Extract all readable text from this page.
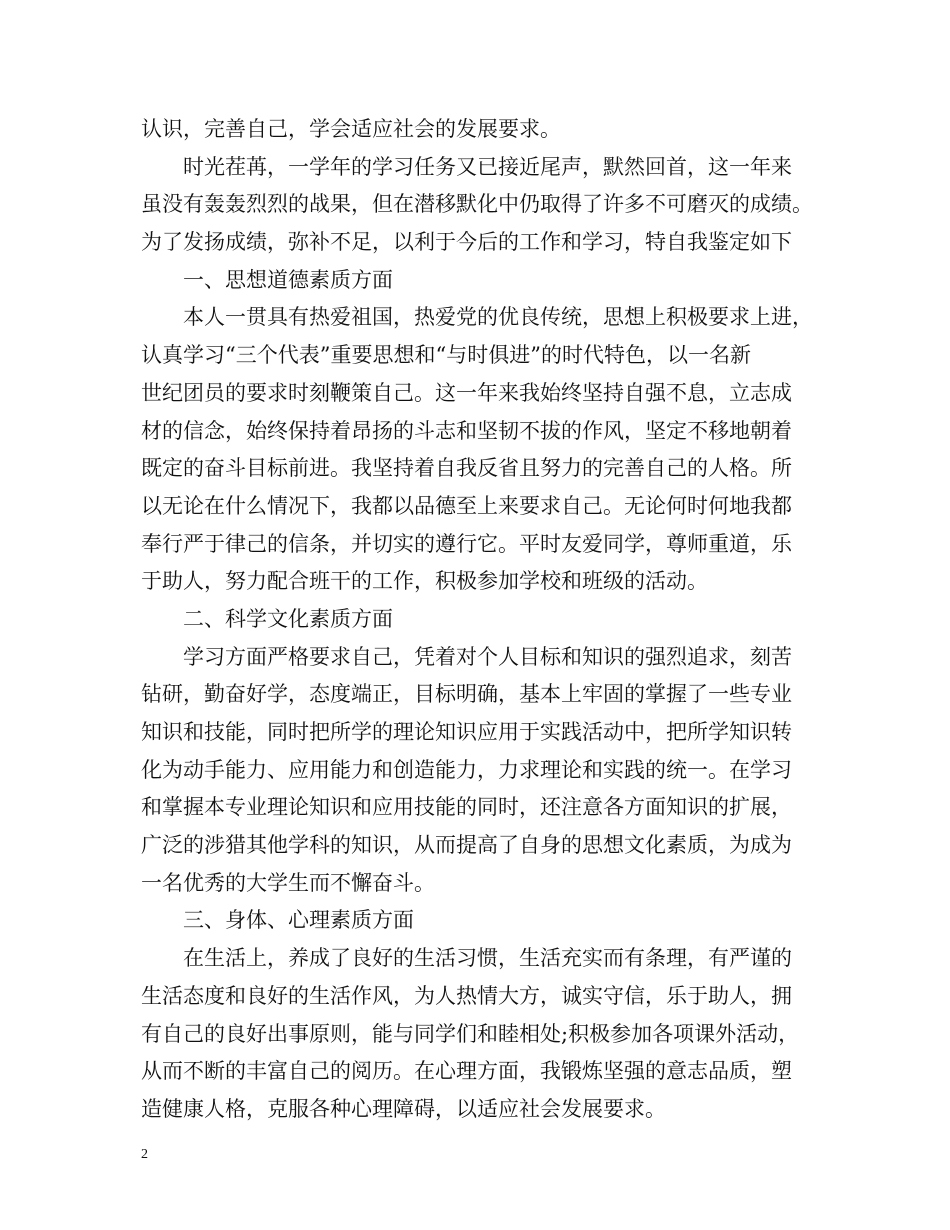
认识，完善自己，学会适应社会的发展要求。
时光茬苒，一学年的学习任务又已接近尾声，默然回首，这一年来
虽没有轰轰烈烈的战果，但在潜移默化中仍取得了许多不可磨灭的成绩。
为了发扬成绩，弥补不足，以利于今后的工作和学习，特自我鉴定如下
一、思想道德素质方面
本人一贯具有热爱祖国，热爱党的优良传统，思想上积极要求上进，
认真学习“三个代表”重要思想和“与时俱进”的时代特色，以一名新
世纪团员的要求时刻鞭策自己。这一年来我始终坚持自强不息，立志成
材的信念，始终保持着昂扬的斗志和坚韧不拔的作风，坚定不移地朝着
既定的奋斗目标前进。我坚持着自我反省且努力的完善自己的人格。所
以无论在什么情况下，我都以品德至上来要求自己。无论何时何地我都
奉行严于律己的信条，并切实的遵行它。平时友爱同学，尊师重道，乐
于助人，努力配合班干的工作，积极参加学校和班级的活动。
二、科学文化素质方面
学习方面严格要求自己，凭着对个人目标和知识的强烈追求，刻苦
钻研，勤奋好学，态度端正，目标明确，基本上牢固的掌握了一些专业
知识和技能，同时把所学的理论知识应用于实践活动中，把所学知识转
化为动手能力、应用能力和创造能力，力求理论和实践的统一。在学习
和掌握本专业理论知识和应用技能的同时，还注意各方面知识的扩展，
广泛的涉猎其他学科的知识，从而提高了自身的思想文化素质，为成为
一名优秀的大学生而不懈奋斗。
三、身体、心理素质方面
在生活上，养成了良好的生活习惯，生活充实而有条理，有严谨的
生活态度和良好的生活作风，为人热情大方，诚实守信，乐于助人，拥
有自己的良好出事原则，能与同学们和睦相处;积极参加各项课外活动，
从而不断的丰富自己的阅历。在心理方面，我锻炼坚强的意志品质，塑
造健康人格，克服各种心理障碍，以适应社会发展要求。
2
